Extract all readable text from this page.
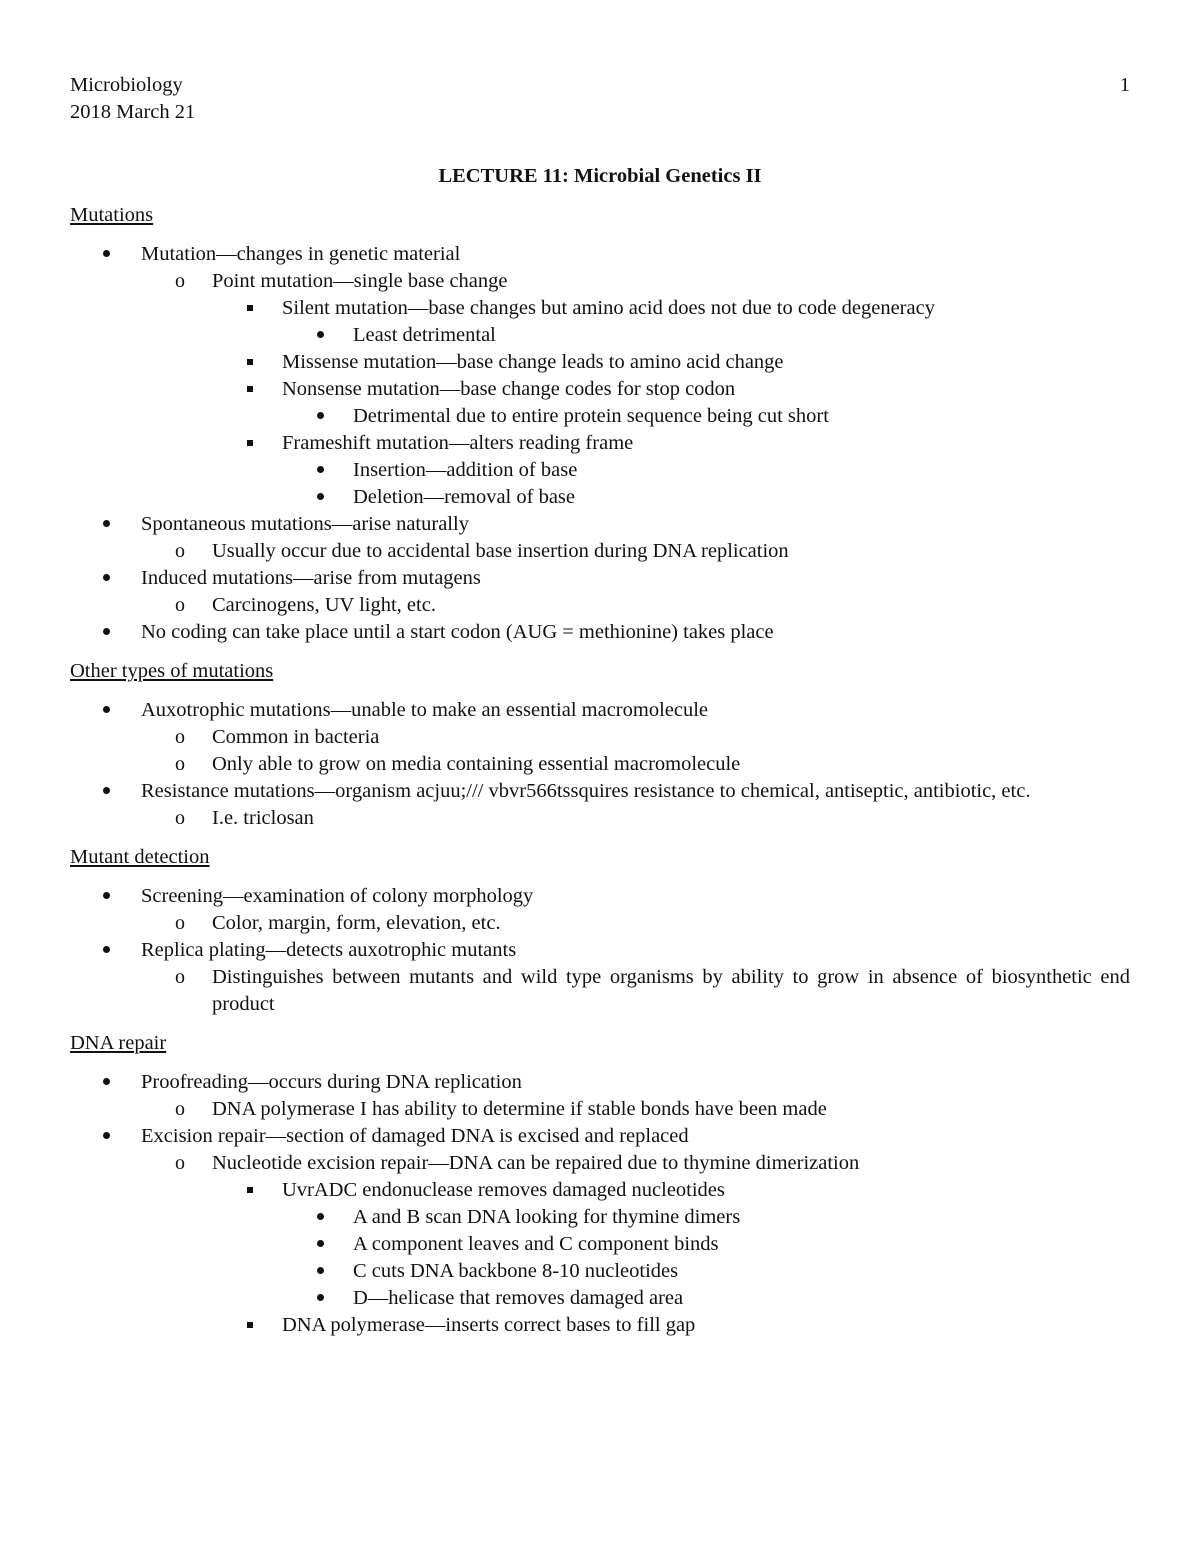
Microbiology
2018 March 21
1
LECTURE 11: Microbial Genetics II
Mutations
Mutation—changes in genetic material
o Point mutation—single base change
Silent mutation—base changes but amino acid does not due to code degeneracy
Least detrimental
Missense mutation—base change leads to amino acid change
Nonsense mutation—base change codes for stop codon
Detrimental due to entire protein sequence being cut short
Frameshift mutation—alters reading frame
Insertion—addition of base
Deletion—removal of base
Spontaneous mutations—arise naturally
o Usually occur due to accidental base insertion during DNA replication
Induced mutations—arise from mutagens
o Carcinogens, UV light, etc.
No coding can take place until a start codon (AUG = methionine) takes place
Other types of mutations
Auxotrophic mutations—unable to make an essential macromolecule
o Common in bacteria
o Only able to grow on media containing essential macromolecule
Resistance mutations—organism acjuu;/// vbvr566tssquires resistance to chemical, antiseptic, antibiotic, etc.
o I.e. triclosan
Mutant detection
Screening—examination of colony morphology
o Color, margin, form, elevation, etc.
Replica plating—detects auxotrophic mutants
o Distinguishes between mutants and wild type organisms by ability to grow in absence of biosynthetic end product
DNA repair
Proofreading—occurs during DNA replication
o DNA polymerase I has ability to determine if stable bonds have been made
Excision repair—section of damaged DNA is excised and replaced
o Nucleotide excision repair—DNA can be repaired due to thymine dimerization
UvrADC endonuclease removes damaged nucleotides
A and B scan DNA looking for thymine dimers
A component leaves and C component binds
C cuts DNA backbone 8-10 nucleotides
D—helicase that removes damaged area
DNA polymerase—inserts correct bases to fill gap
